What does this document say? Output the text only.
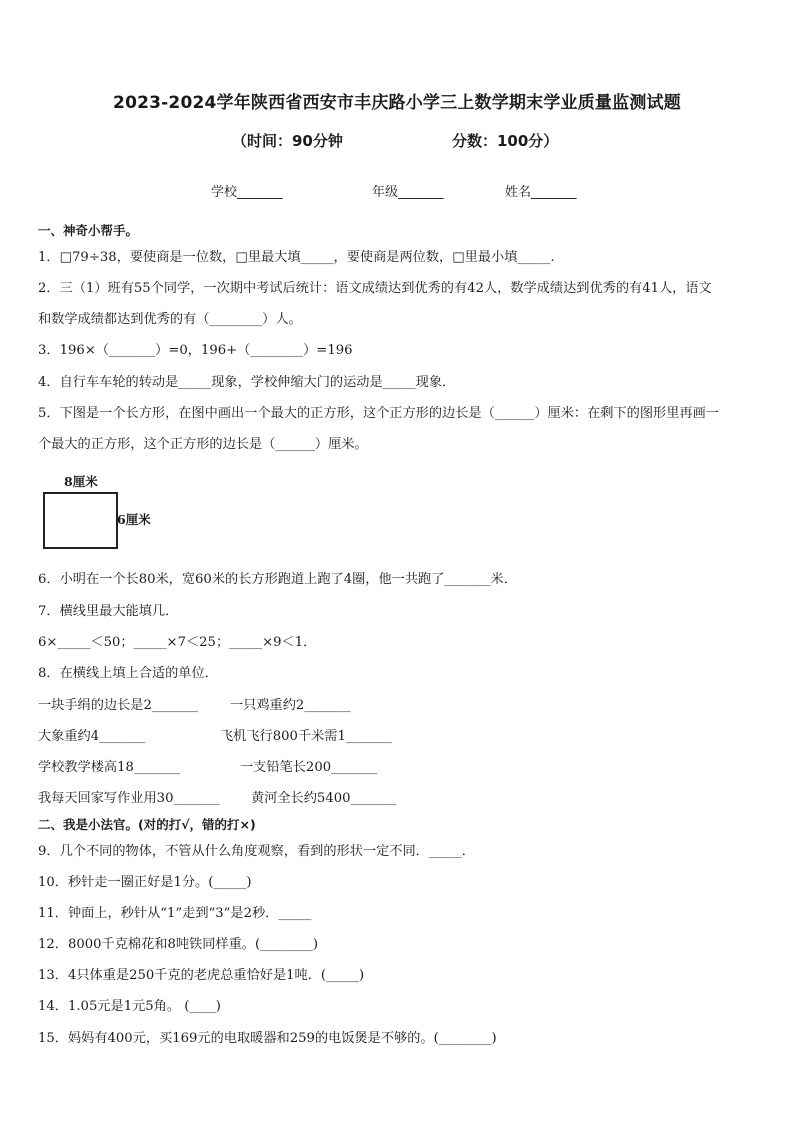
2023-2024学年陕西省西安市丰庆路小学三上数学期末学业质量监测试题
（时间：90分钟	分数：100分）
学校_______	年级_______	姓名_______
一、神奇小帮手。
1．□79÷38，要使商是一位数，□里最大填_____，要使商是两位数，□里最小填_____.
2．三（1）班有55个同学，一次期中考试后统计：语文成绩达到优秀的有42人，数学成绩达到优秀的有41人，语文
和数学成绩都达到优秀的有（________）人。
3．196×（_______）=0，196+（________）=196
4．自行车车轮的转动是_____现象，学校伸缩大门的运动是_____现象．
5．下图是一个长方形，在图中画出一个最大的正方形，这个正方形的边长是（______）厘米：在剩下的图形里再画一
个最大的正方形，这个正方形的边长是（______）厘米。
8厘米
6厘米
6．小明在一个长80米，宽60米的长方形跑道上跑了4圈，他一共跑了_______米．
7．横线里最大能填几．
6×_____＜50；_____×7＜25；_____×9＜1．
8．在横线上填上合适的单位．
一块手绢的边长是2_______ 一只鸡重约2_______
大象重约4_______	飞机飞行800千米需1_______
学校教学楼高18_______	一支铅笔长200_______
我每天回家写作业用30_______ 黄河全长约5400_______
二、我是小法官。(对的打√，错的打×)
9．几个不同的物体，不管从什么角度观察，看到的形状一定不同．_____．
10．秒针走一圈正好是1分。(_____)
11．钟面上，秒针从“1”走到“3”是2秒．_____
12．8000千克棉花和8吨铁同样重。(________)
13．4只体重是250千克的老虎总重恰好是1吨．(_____)
14．1.05元是1元5角。 (____)
15．妈妈有400元，买169元的电取暖器和259的电饭煲是不够的。(________)
